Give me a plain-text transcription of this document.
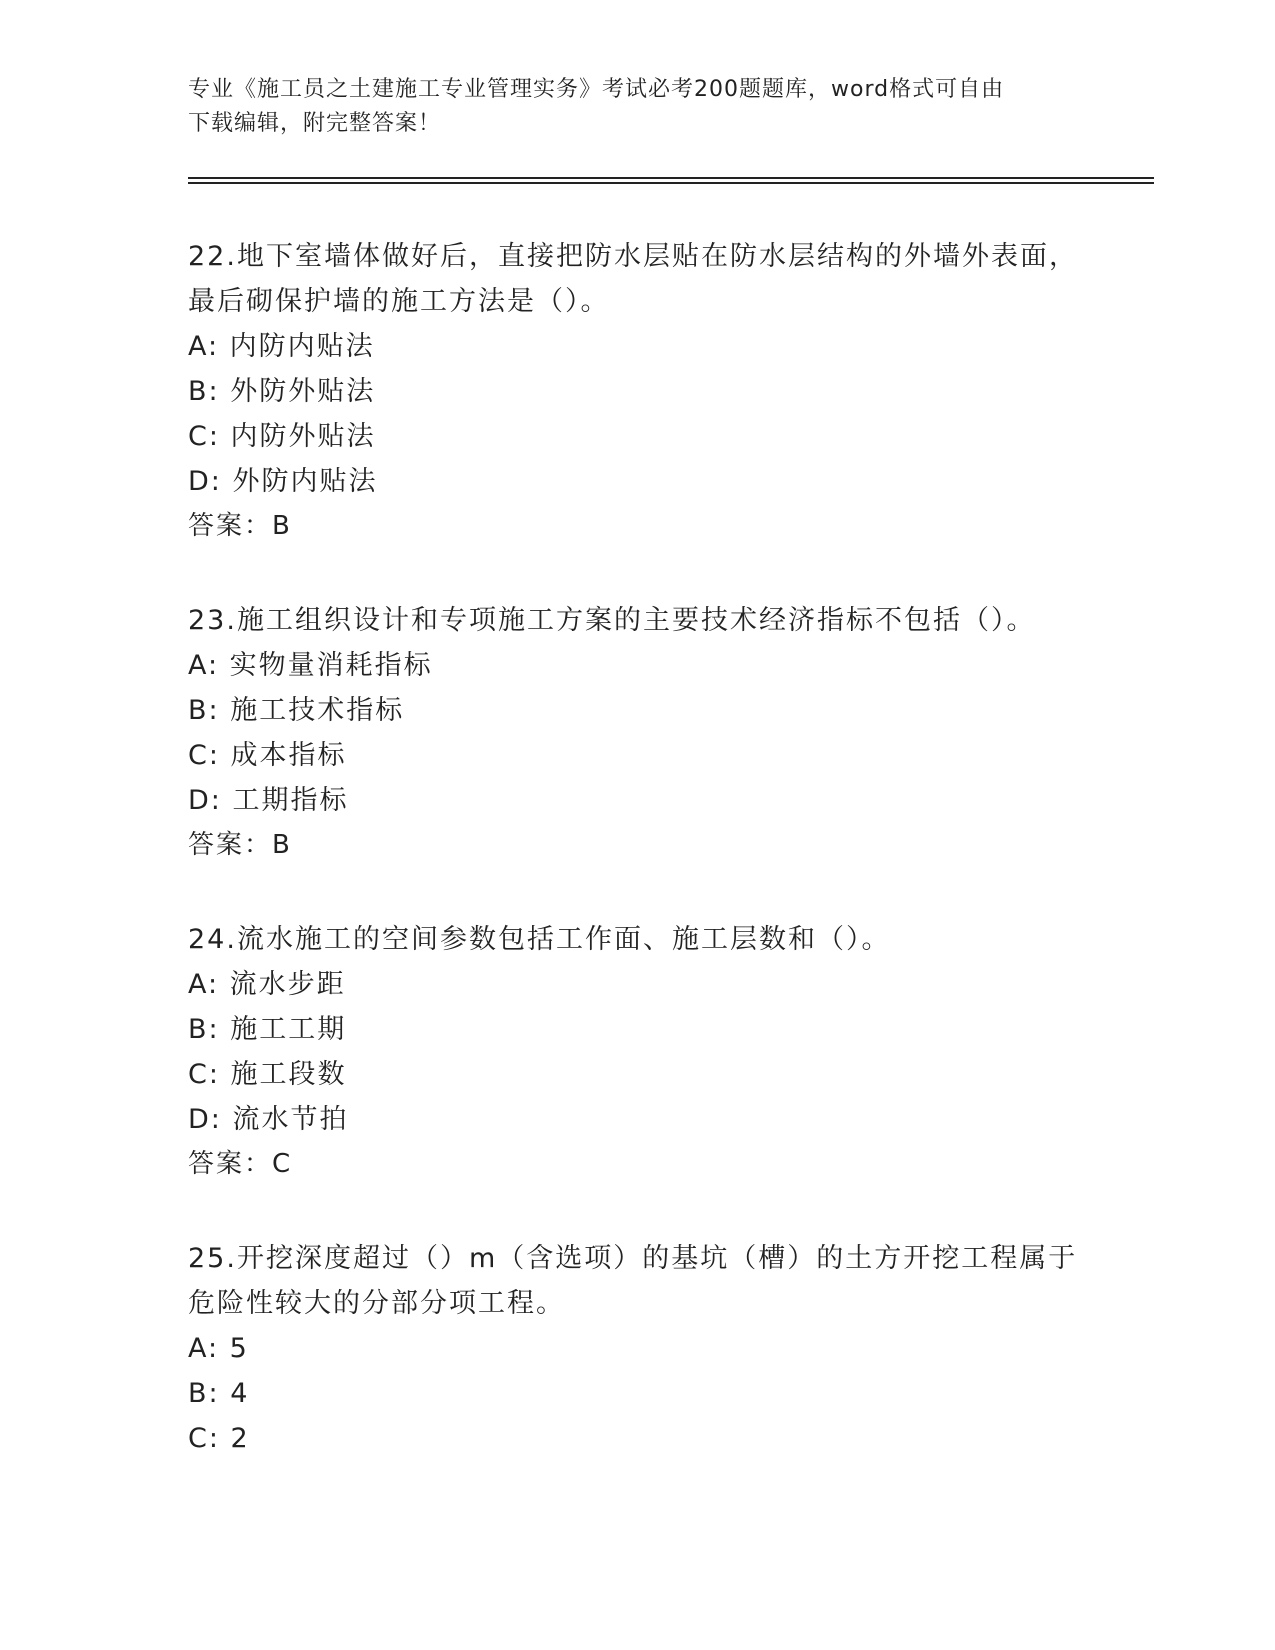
专业《施工员之土建施工专业管理实务》考试必考200题题库，word格式可自由
下载编辑，附完整答案！
22.地下室墙体做好后，直接把防水层贴在防水层结构的外墙外表面，
最后砌保护墙的施工方法是（）。
A: 内防内贴法
B: 外防外贴法
C: 内防外贴法
D: 外防内贴法
答案：B
23.施工组织设计和专项施工方案的主要技术经济指标不包括（）。
A: 实物量消耗指标
B: 施工技术指标
C: 成本指标
D: 工期指标
答案：B
24.流水施工的空间参数包括工作面、施工层数和（）。
A: 流水步距
B: 施工工期
C: 施工段数
D: 流水节拍
答案：C
25.开挖深度超过（）m（含选项）的基坑（槽）的土方开挖工程属于
危险性较大的分部分项工程。
A: 5
B: 4
C: 2
